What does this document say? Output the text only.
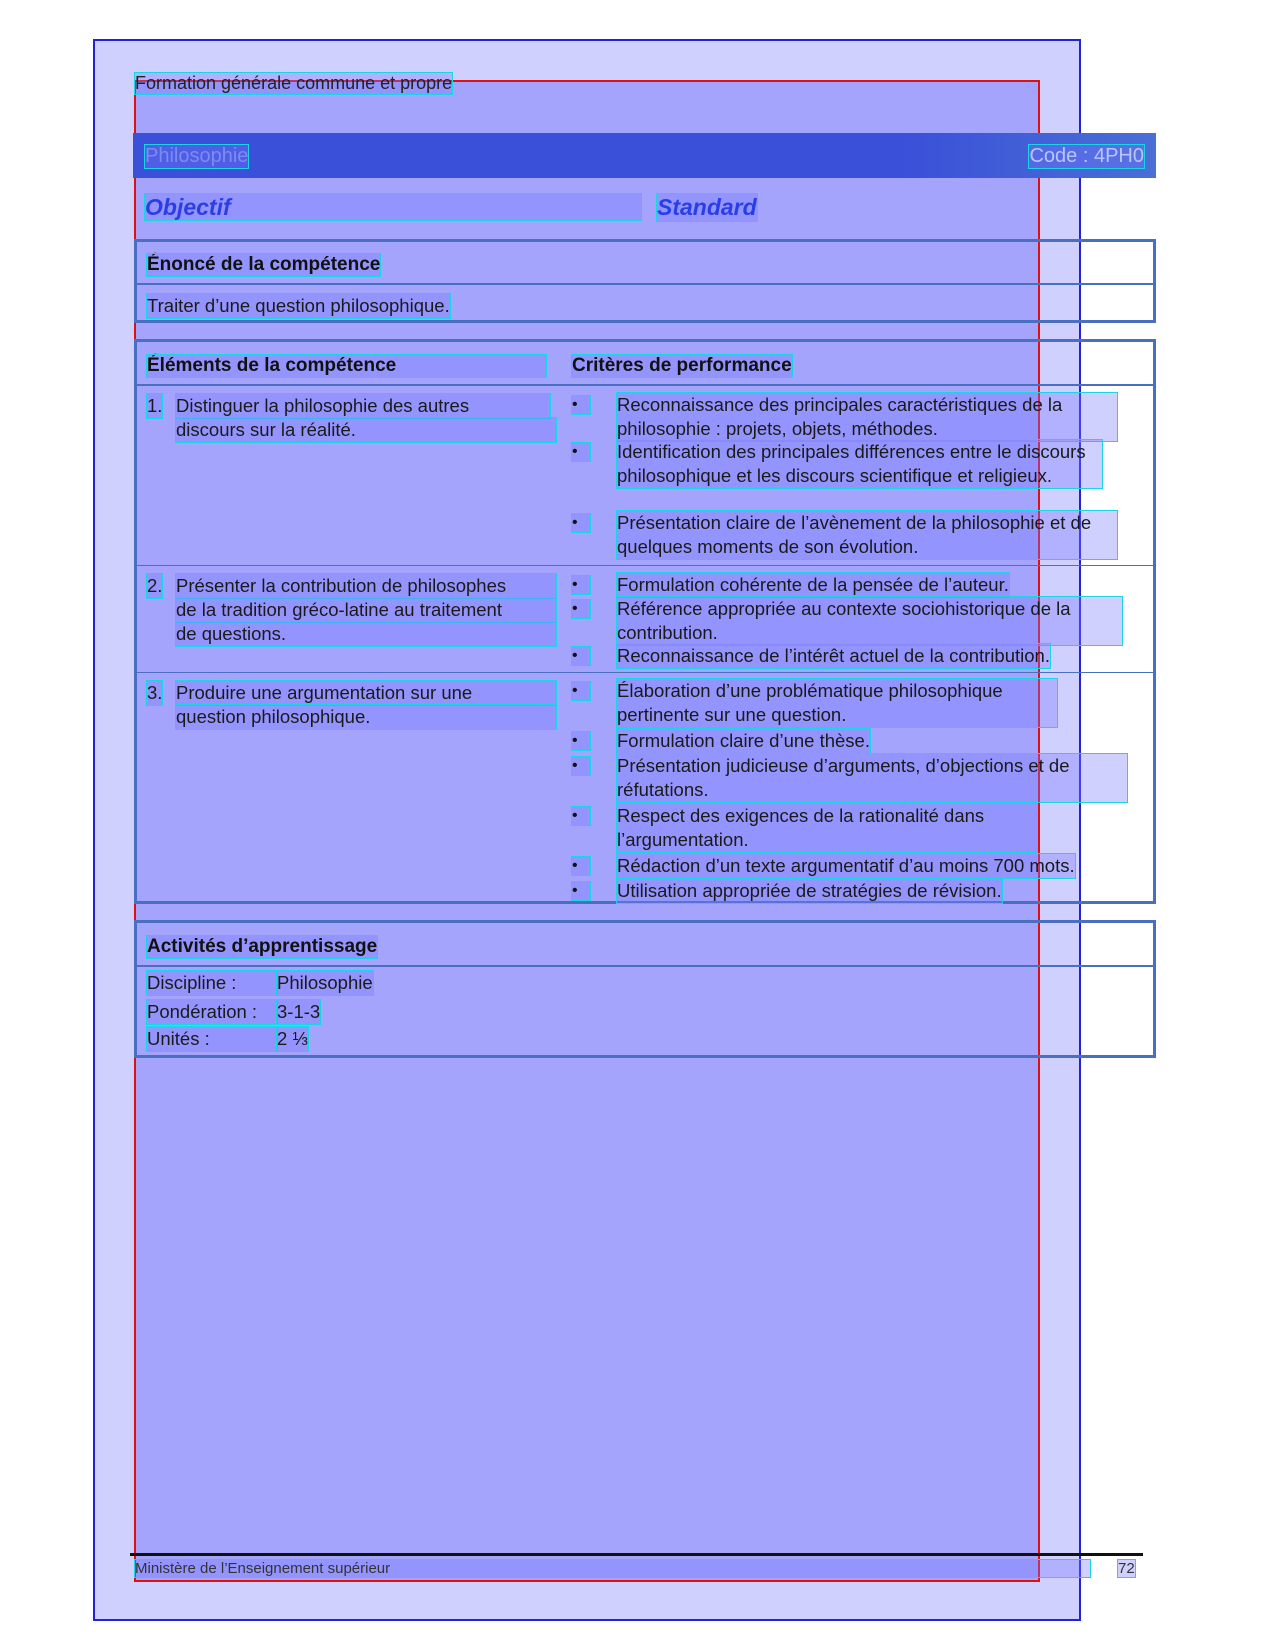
Formation générale commune et propre
Philosophie	Code : 4PH0
Objectif	Standard
Énoncé de la compétence
Traiter d’une question philosophique.
Éléments de la compétence	Critères de performance
1. Distinguer la philosophie des autres
discours sur la réalité.
•	Reconnaissance des principales caractéristiques de la philosophie : projets, objets, méthodes.
•	Identification des principales différences entre le discours philosophique et les discours scientifique et religieux.
•	Présentation claire de l’avènement de la philosophie et de quelques moments de son évolution.
2. Présenter la contribution de philosophes
de la tradition gréco-latine au traitement
de questions.
•	Formulation cohérente de la pensée de l’auteur.
•	Référence appropriée au contexte sociohistorique de la contribution.
•	Reconnaissance de l’intérêt actuel de la contribution.
3. Produire une argumentation sur une
question philosophique.
•	Élaboration d’une problématique philosophique pertinente sur une question.
•	Formulation claire d’une thèse.
•	Présentation judicieuse d’arguments, d’objections et de réfutations.
•	Respect des exigences de la rationalité dans l’argumentation.
•	Rédaction d’un texte argumentatif d’au moins 700 mots.
•	Utilisation appropriée de stratégies de révision.
Activités d’apprentissage
Discipline :	Philosophie
Pondération :	3-1-3
Unités :	2 ⅓
Ministère de l’Enseignement supérieur	72
